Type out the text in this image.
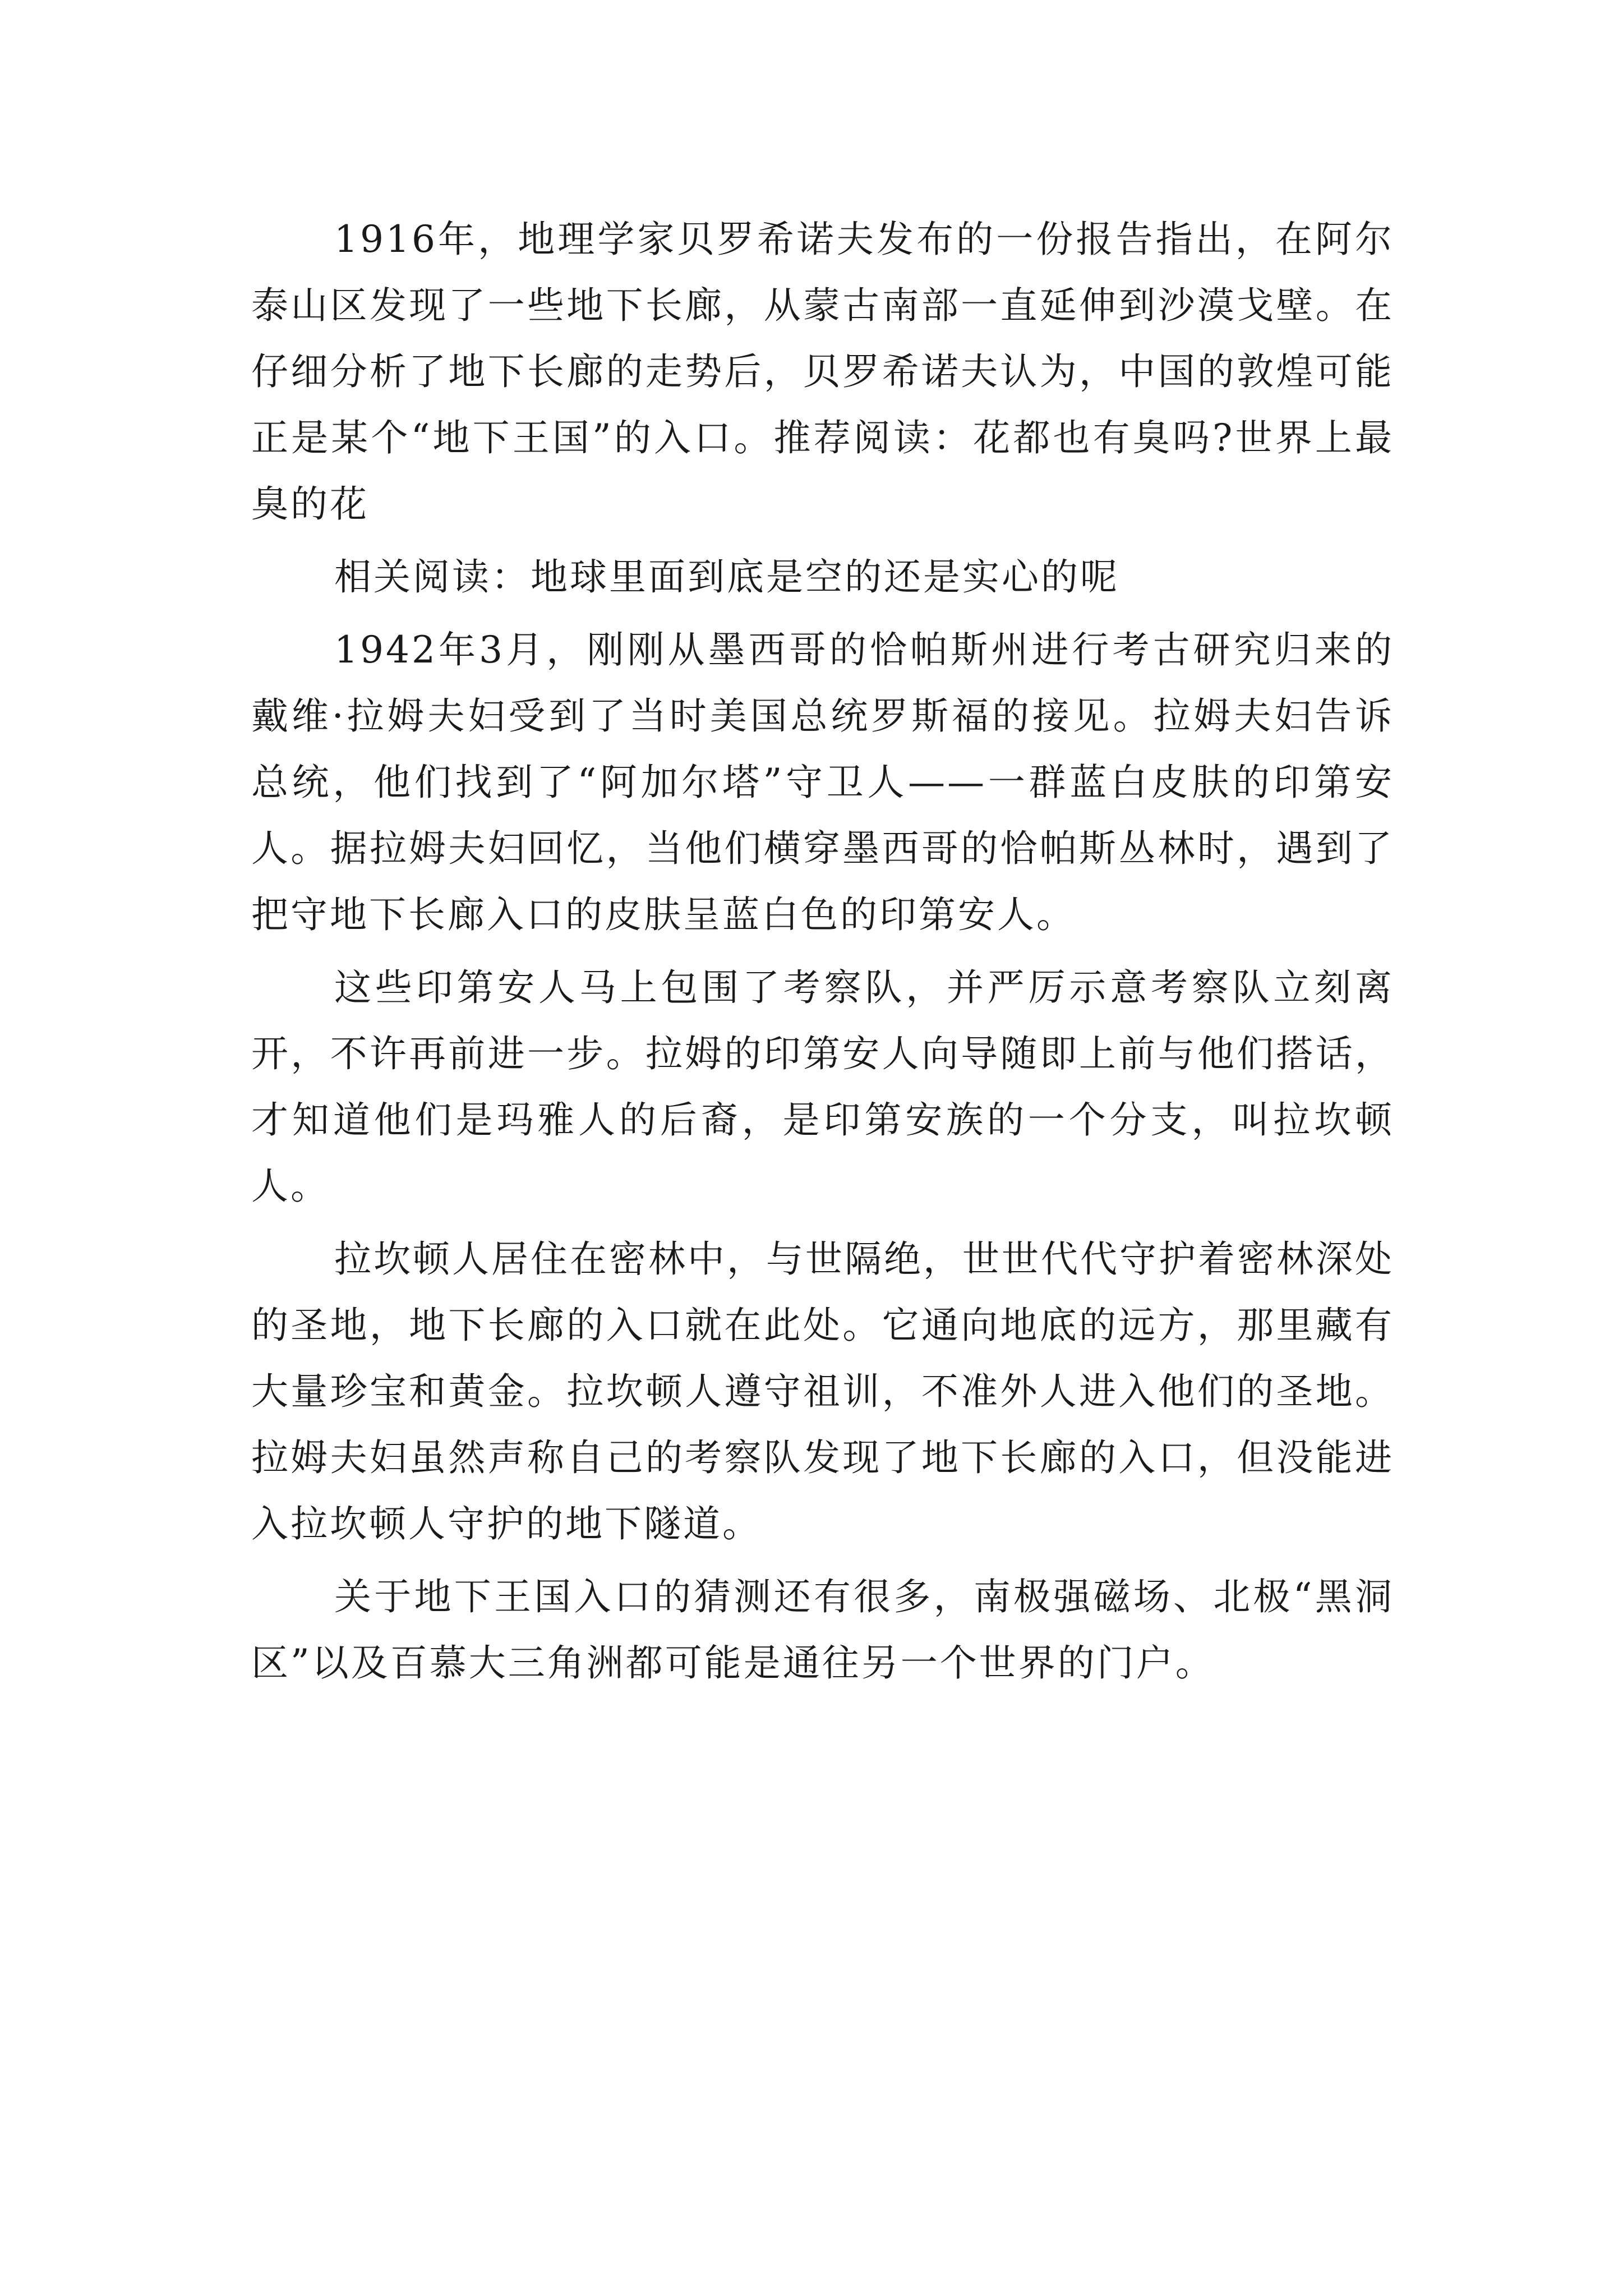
1916年，地理学家贝罗希诺夫发布的一份报告指出，在阿尔泰山区发现了一些地下长廊，从蒙古南部一直延伸到沙漠戈壁。在仔细分析了地下长廊的走势后，贝罗希诺夫认为，中国的敦煌可能正是某个“地下王国”的入口。推荐阅读：花都也有臭吗?世界上最臭的花

相关阅读：地球里面到底是空的还是实心的呢

1942年3月，刚刚从墨西哥的恰帕斯州进行考古研究归来的戴维·拉姆夫妇受到了当时美国总统罗斯福的接见。拉姆夫妇告诉总统，他们找到了“阿加尔塔”守卫人——一群蓝白皮肤的印第安人。据拉姆夫妇回忆，当他们横穿墨西哥的恰帕斯丛林时，遇到了把守地下长廊入口的皮肤呈蓝白色的印第安人。

这些印第安人马上包围了考察队，并严厉示意考察队立刻离开，不许再前进一步。拉姆的印第安人向导随即上前与他们搭话，才知道他们是玛雅人的后裔，是印第安族的一个分支，叫拉坎顿人。

拉坎顿人居住在密林中，与世隔绝，世世代代守护着密林深处的圣地，地下长廊的入口就在此处。它通向地底的远方，那里藏有大量珍宝和黄金。拉坎顿人遵守祖训，不准外人进入他们的圣地。拉姆夫妇虽然声称自己的考察队发现了地下长廊的入口，但没能进入拉坎顿人守护的地下隧道。

关于地下王国入口的猜测还有很多，南极强磁场、北极“黑洞区”以及百慕大三角洲都可能是通往另一个世界的门户。
